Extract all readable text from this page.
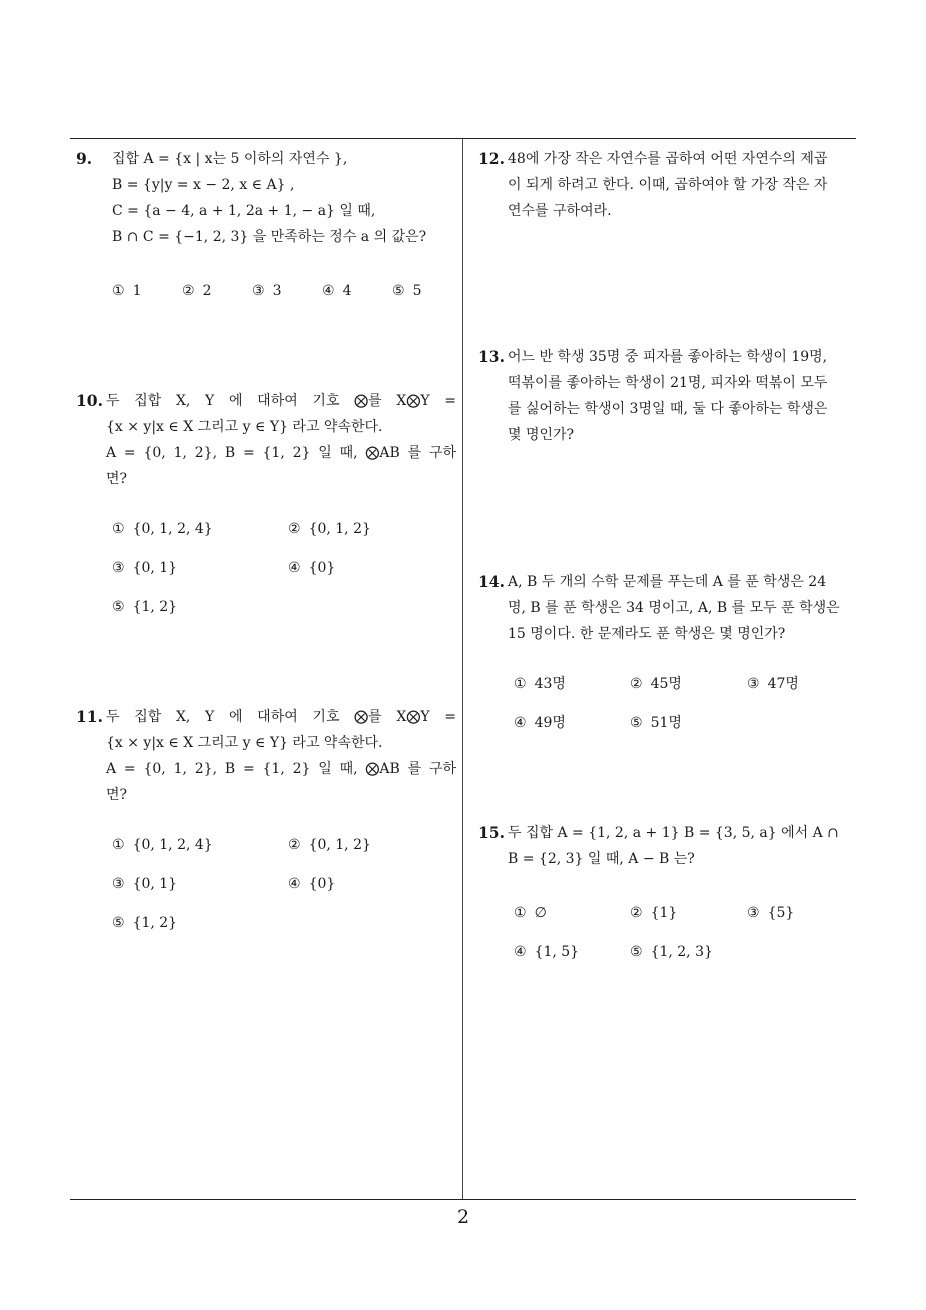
9. 집합 A = {x | x는 5 이하의 자연수 },
B = {y|y = x − 2, x ∈ A} ,
C = {a − 4, a + 1, 2a + 1, − a} 일 때,
B ∩ C = {−1, 2, 3} 을 만족하는 정수 a 의 값은?
① 1	② 2	③ 3	④ 4	⑤ 5
10. 두 집합 X, Y 에 대하여 기호 ⨂를 X⨂Y =
{x × y|x ∈ X 그리고 y ∈ Y} 라고 약속한다.
A = {0, 1, 2}, B = {1, 2} 일 때, ⨂AB 를 구하
면?
① {0, 1, 2, 4}	② {0, 1, 2}
③ {0, 1}	④ {0}
⑤ {1, 2}
11. 두 집합 X, Y 에 대하여 기호 ⨂를 X⨂Y =
{x × y|x ∈ X 그리고 y ∈ Y} 라고 약속한다.
A = {0, 1, 2}, B = {1, 2} 일 때, ⨂AB 를 구하
면?
① {0, 1, 2, 4}	② {0, 1, 2}
③ {0, 1}	④ {0}
⑤ {1, 2}
12. 48에 가장 작은 자연수를 곱하여 어떤 자연수의 제곱
이 되게 하려고 한다. 이때, 곱하여야 할 가장 작은 자
연수를 구하여라.
13. 어느 반 학생 35명 중 피자를 좋아하는 학생이 19명,
떡볶이를 좋아하는 학생이 21명, 피자와 떡볶이 모두
를 싫어하는 학생이 3명일 때, 둘 다 좋아하는 학생은
몇 명인가?
14. A, B 두 개의 수학 문제를 푸는데 A 를 푼 학생은 24
명, B 를 푼 학생은 34 명이고, A, B 를 모두 푼 학생은
15 명이다. 한 문제라도 푼 학생은 몇 명인가?
① 43명	② 45명	③ 47명
④ 49명	⑤ 51명
15. 두 집합 A = {1, 2, a + 1} B = {3, 5, a} 에서 A ∩
B = {2, 3} 일 때, A − B 는?
① ∅	② {1}	③ {5}
④ {1, 5}	⑤ {1, 2, 3}
2
